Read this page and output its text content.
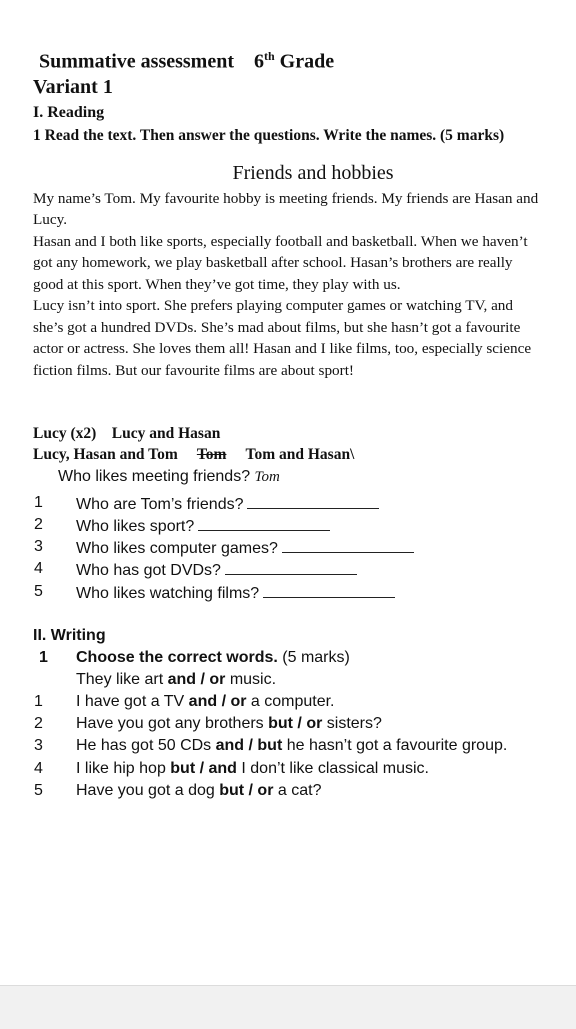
Summative assessment 6th Grade
Variant 1
I. Reading
1 Read the text. Then answer the questions. Write the names. (5 marks)
Friends and hobbies
My name’s Tom. My favourite hobby is meeting friends. My friends are Hasan and
Lucy.
Hasan and I both like sports, especially football and basketball. When we haven’t
got any homework, we play basketball after school. Hasan’s brothers are really
good at this sport. When they’ve got time, they play with us.
Lucy isn’t into sport. She prefers playing computer games or watching TV, and
she’s got a hundred DVDs. She’s mad about films, but she hasn’t got a favourite
actor or actress. She loves them all! Hasan and I like films, too, especially science
fiction films. But our favourite films are about sport!
Lucy (x2) Lucy and Hasan
Lucy, Hasan and Tom Tom Tom and Hasan\
Who likes meeting friends? Tom
1 Who are Tom’s friends?
2 Who likes sport?
3 Who likes computer games?
4 Who has got DVDs?
5 Who likes watching films?
II. Writing
1 Choose the correct words. (5 marks)
They like art and / or music.
1 I have got a TV and / or a computer.
2 Have you got any brothers but / or sisters?
3 He has got 50 CDs and / but he hasn’t got a favourite group.
4 I like hip hop but / and I don’t like classical music.
5 Have you got a dog but / or a cat?
